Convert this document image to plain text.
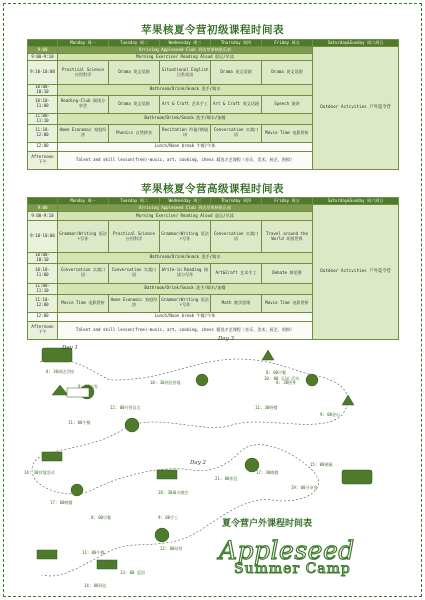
苹果核夏令营初级课程时间表
	Monday 周一	Tuesday 周二	Wednesday 周三	Thursday 周四	Friday 周五	Saturday&Sunday 周六周日
9:00	Arriving Appleseed Club 到达苹果核俱乐部					Outdoor Activities 户外夏令营
9:00-9:10	Morning Exercise/ Reading Aloud 晨运/早读					
9:10-10:00	Practical Science 应用科学	Drama 英文话剧	Situational English 日常英语	Drama 英文话剧	Drama 英文话剧	
10:00-10:10	Bathroom/Drink/Snack 洗手/喝水					
10:10-11:00	Reading-Club 阅读分享会	Drama 英文话剧	Art & Craft 艺术手工	Art & Craft 英文话剧	Speech 演讲	
11:00-11:10	Bathroom/Drink/Snack 洗手/喝水/加餐					
11:10-12:00	Home Economic 家庭经济	Phonics 自然拼音	Recitation 吟诵/朗诵诗	Conversation 实战口语	Movie Time 电影赏析	
12:00	Lunch/Noon break 午餐/午休					
Afternoon 下午	Talent and skill lesson(free)-music, art, cooking, chess 精选才艺课程（音乐、美术、厨艺、围棋）					
苹果核夏令营高级课程时间表
	Monday 周一	Tuesday 周二	Wednesday 周三	Thursday 周四	Friday 周五	Saturday&Sunday 周六周日
9:00	Arriving Appleseed Club 到达苹果核俱乐部					Outdoor Activities 户外夏令营
9:00-9:10	Morning Exercise/ Reading Aloud 晨运/早读					
9:10-10:00	Grammar/Writing 语法+写作	Practical Science 应用科学	Grammar/Writing 语法+写作	Conversation 实战口语	Travel around the World 环游世界	
10:00-10:10	Bathroom/Drink/Snack 洗手/喝水					
10:10-11:00	Conversation 实战口语	Conversation 实战口语	Write-in Reading 阅读与写作	Art&Craft 艺术手工	Debate 辩论赛	
11:00-11:10	Bathroom/Drink/Snack 洗手/喝水/加餐					
11:10-12:00	Movie Time 电影赏析	Home Economic 家庭经济	Grammar/Writing 语法+写作	Math 数学思维	Movie Time 电影赏析	
12:00	Lunch/Noon break 午餐/午休					
Afternoon 下午	Talent and skill lesson(free)-music, art, cooking, chess 精选才艺课程（音乐、美术、厨艺、围棋）					
Day 1
Day 2
Day 3
8: 30到达学校
9: 30出发
10: 30到达营地
11: 00午餐
12: 00开营仪式
14: 30营地活动
17: 00晚餐
18: 30篝火晚会
8: 00早餐
8: 30热身
9: 00登山
11: 30野餐
15: 00溯溪
17: 30晚餐
19: 00分享会
21: 00休息
8: 00早餐	9: 00手工
11: 00午餐
12: 00结营
13: 00 返回
14: 00到达
10: 00 乐园 活动
夏令营户外课程时间表
Appleseed
Summer Camp
